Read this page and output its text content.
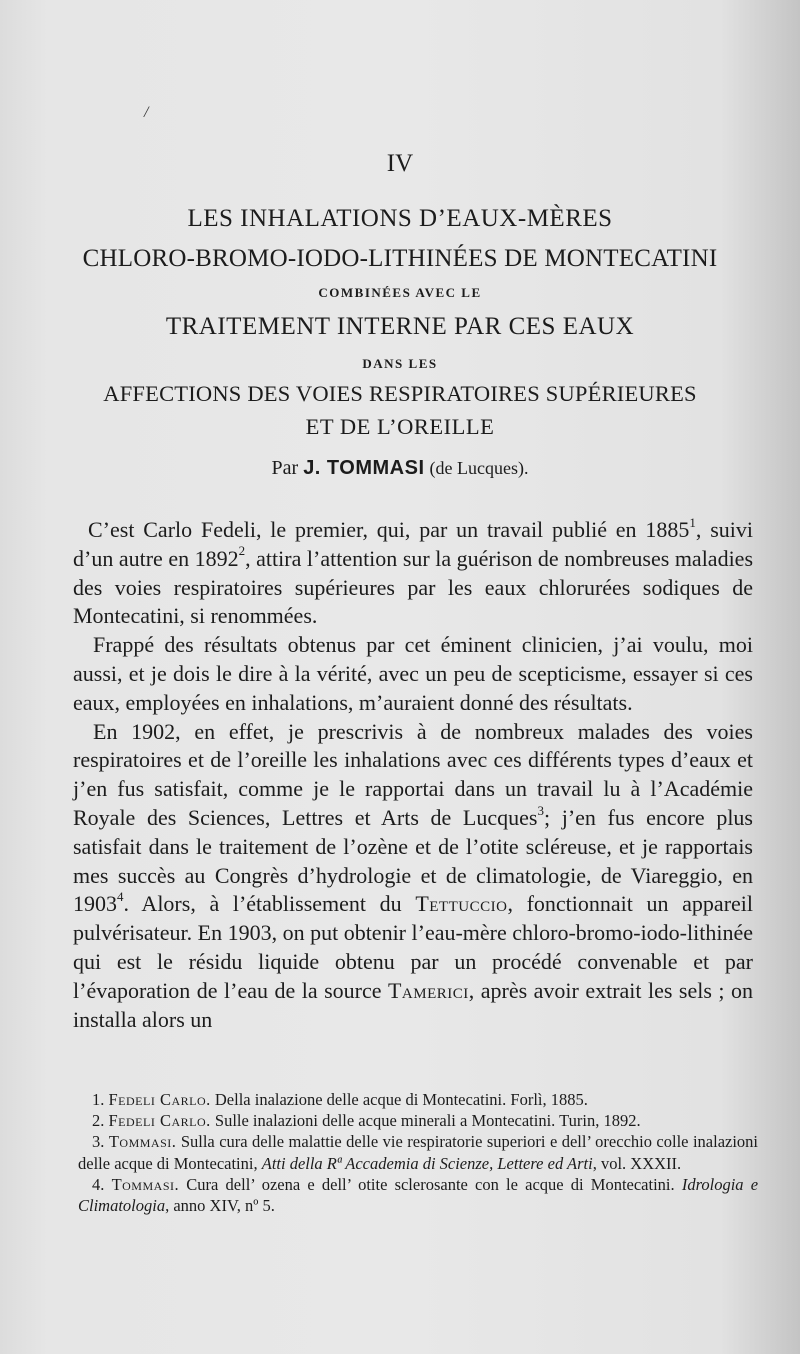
/
IV
LES INHALATIONS D’EAUX-MÈRES
CHLORO-BROMO-IODO-LITHINÉES DE MONTECATINI
COMBINÉES AVEC LE
TRAITEMENT INTERNE PAR CES EAUX
DANS LES
AFFECTIONS DES VOIES RESPIRATOIRES SUPÉRIEURES
ET DE L’OREILLE
Par J. TOMMASI (de Lucques).

C’est Carlo Fedeli, le premier, qui, par un travail publié en 1885$^1$, suivi d’un autre en 1892$^2$, attira l’attention sur la guérison de nombreuses maladies des voies respiratoires supérieures par les eaux chlorurées sodiques de Montecatini, si renommées.

Frappé des résultats obtenus par cet éminent clinicien, j’ai voulu, moi aussi, et je dois le dire à la vérité, avec un peu de scepticisme, essayer si ces eaux, employées en inhalations, m’auraient donné des résultats.

En 1902, en effet, je prescrivis à de nombreux malades des voies respiratoires et de l’oreille les inhalations avec ces différents types d’eaux et j’en fus satisfait, comme je le rapportai dans un travail lu à l’Académie Royale des Sciences, Lettres et Arts de Lucques$^3$; j’en fus encore plus satisfait dans le traitement de l’ozène et de l’otite scléreuse, et je rapportais mes succès au Congrès d’hydrologie et de climatologie, de Viareggio, en 1903$^4$. Alors, à l’établissement du Tettuccio, fonctionnait un appareil pulvérisateur. En 1903, on put obtenir l’eau-mère chloro-bromo-iodo-lithinée qui est le résidu liquide obtenu par un procédé convenable et par l’évaporation de l’eau de la source Tamerici, après avoir extrait les sels ; on installa alors un

1. Fedeli Carlo. Della inalazione delle acque di Montecatini. Forlì, 1885.

2. Fedeli Carlo. Sulle inalazioni delle acque minerali a Montecatini. Turin, 1892.

3. Tommasi. Sulla cura delle malattie delle vie respiratorie superiori e dell’ orecchio colle inalazioni delle acque di Montecatini, Atti della Rª Accademia di Scienze, Lettere ed Arti, vol. XXXII.

4. Tommasi. Cura dell’ ozena e dell’ otite sclerosante con le acque di Montecatini. Idrologia e Climatologia, anno XIV, nº 5.
